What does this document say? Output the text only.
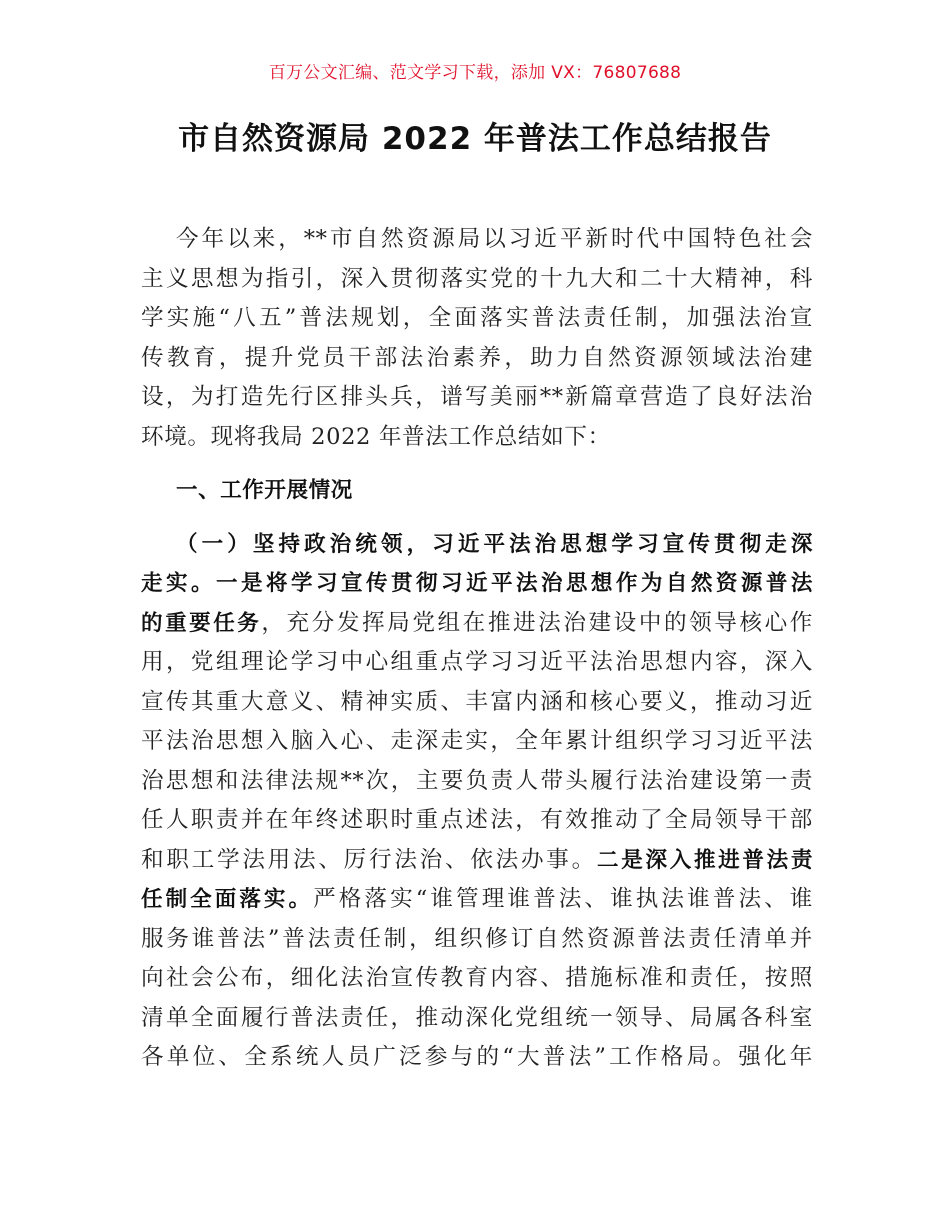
百万公文汇编、范文学习下载，添加 VX：76807688
市自然资源局 2022 年普法工作总结报告
今年以来，**市自然资源局以习近平新时代中国特色社会
主义思想为指引，深入贯彻落实党的十九大和二十大精神，科
学实施“八五”普法规划，全面落实普法责任制，加强法治宣
传教育，提升党员干部法治素养，助力自然资源领域法治建
设，为打造先行区排头兵，谱写美丽**新篇章营造了良好法治
环境。现将我局 2022 年普法工作总结如下：
一、工作开展情况
（一）坚持政治统领，习近平法治思想学习宣传贯彻走深
走实。一是将学习宣传贯彻习近平法治思想作为自然资源普法
的重要任务，充分发挥局党组在推进法治建设中的领导核心作
用，党组理论学习中心组重点学习习近平法治思想内容，深入
宣传其重大意义、精神实质、丰富内涵和核心要义，推动习近
平法治思想入脑入心、走深走实，全年累计组织学习习近平法
治思想和法律法规**次，主要负责人带头履行法治建设第一责
任人职责并在年终述职时重点述法，有效推动了全局领导干部
和职工学法用法、厉行法治、依法办事。二是深入推进普法责
任制全面落实。严格落实“谁管理谁普法、谁执法谁普法、谁
服务谁普法”普法责任制，组织修订自然资源普法责任清单并
向社会公布，细化法治宣传教育内容、措施标准和责任，按照
清单全面履行普法责任，推动深化党组统一领导、局属各科室
各单位、全系统人员广泛参与的“大普法”工作格局。强化年
